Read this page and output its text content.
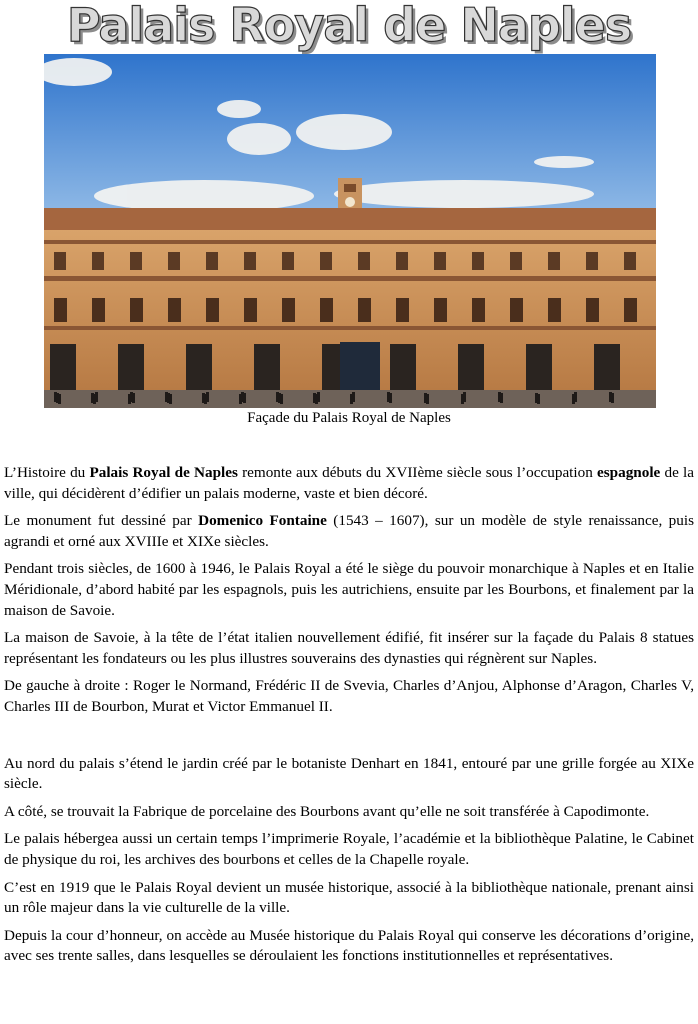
Palais Royal de Naples
Façade du Palais Royal de Naples

L’Histoire du Palais Royal de Naples remonte aux débuts du XVIIème siècle sous l’occupation espagnole de la ville, qui décidèrent d’édifier un palais moderne, vaste et bien décoré.

Le monument fut dessiné par Domenico Fontaine (1543 – 1607), sur un modèle de style renaissance, puis agrandi et orné aux XVIIIe et XIXe siècles.

Pendant trois siècles, de 1600 à 1946, le Palais Royal a été le siège du pouvoir monarchique à Naples et en Italie Méridionale, d’abord habité par les espagnols, puis les autrichiens, ensuite par les Bourbons, et finalement par la maison de Savoie.

La maison de Savoie, à la tête de l’état italien nouvellement édifié, fit insérer sur la façade du Palais 8 statues représentant les fondateurs ou les plus illustres souverains des dynasties qui régnèrent sur Naples.

De gauche à droite : Roger le Normand, Frédéric II de Svevia, Charles d’Anjou, Alphonse d’Aragon, Charles V, Charles III de Bourbon, Murat et Victor Emmanuel II.

Au nord du palais s’étend le jardin créé par le botaniste Denhart en 1841, entouré par une grille forgée au XIXe siècle.

A côté, se trouvait la Fabrique de porcelaine des Bourbons avant qu’elle ne soit transférée à Capodimonte.

Le palais hébergea aussi un certain temps l’imprimerie Royale, l’académie et la bibliothèque Palatine, le Cabinet de physique du roi, les archives des bourbons et celles de la Chapelle royale.

C’est en 1919 que le Palais Royal devient un musée historique, associé à la bibliothèque nationale, prenant ainsi un rôle majeur dans la vie culturelle de la ville.

Depuis la cour d’honneur, on accède au Musée historique du Palais Royal qui conserve les décorations d’origine, avec ses trente salles, dans lesquelles se déroulaient les fonctions institutionnelles et représentatives.
